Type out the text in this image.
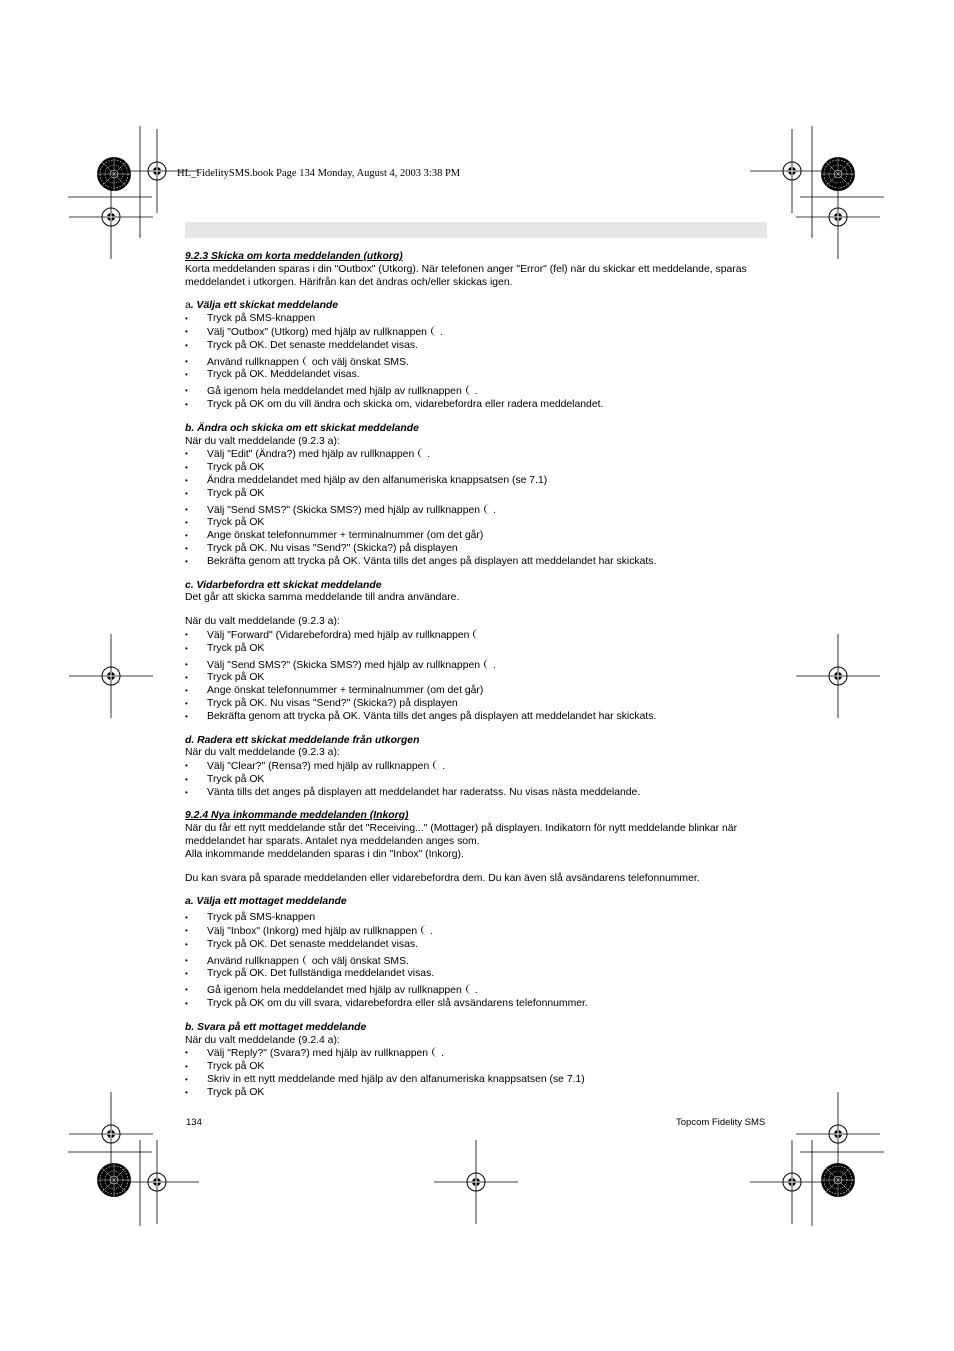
HL_FidelitySMS.book Page 134 Monday, August 4, 2003 3:38 PM

9.2.3 Skicka om korta meddelanden (utkorg)

Korta meddelanden sparas i din "Outbox" (Utkorg). När telefonen anger "Error" (fel) när du skickar ett meddelande, sparas meddelandet i utkorgen. Härifrån kan det ändras och/eller skickas igen.

a. Välja ett skickat meddelande

• Tryck på SMS-knappen

• Välj "Outbox" (Utkorg) med hjälp av rullknappen .

• Tryck på OK. Det senaste meddelandet visas.

• Använd rullknappen och välj önskat SMS.

• Tryck på OK. Meddelandet visas.

• Gå igenom hela meddelandet med hjälp av rullknappen .

• Tryck på OK om du vill ändra och skicka om, vidarebefordra eller radera meddelandet.

b. Ändra och skicka om ett skickat meddelande

När du valt meddelande (9.2.3 a):

• Välj "Edit" (Ändra?) med hjälp av rullknappen .

• Tryck på OK

• Ändra meddelandet med hjälp av den alfanumeriska knappsatsen (se 7.1)

• Tryck på OK

• Välj "Send SMS?" (Skicka SMS?) med hjälp av rullknappen .

• Tryck på OK

• Ange önskat telefonnummer + terminalnummer (om det går)

• Tryck på OK. Nu visas "Send?" (Skicka?) på displayen

• Bekräfta genom att trycka på OK. Vänta tills det anges på displayen att meddelandet har skickats.

c. Vidarbefordra ett skickat meddelande

Det går att skicka samma meddelande till andra användare.

När du valt meddelande (9.2.3 a):

• Välj "Forward" (Vidarebefordra) med hjälp av rullknappen

• Tryck på OK

• Välj "Send SMS?" (Skicka SMS?) med hjälp av rullknappen .

• Tryck på OK

• Ange önskat telefonnummer + terminalnummer (om det går)

• Tryck på OK. Nu visas "Send?" (Skicka?) på displayen

• Bekräfta genom att trycka på OK. Vänta tills det anges på displayen att meddelandet har skickats.

d. Radera ett skickat meddelande från utkorgen

När du valt meddelande (9.2.3 a):

• Välj "Clear?" (Rensa?) med hjälp av rullknappen .

• Tryck på OK

• Vänta tills det anges på displayen att meddelandet har raderatss. Nu visas nästa meddelande.

9.2.4 Nya inkommande meddelanden (Inkorg)

När du får ett nytt meddelande står det "Receiving..." (Mottager) på displayen. Indikatorn för nytt meddelande blinkar när meddelandet har sparats. Antalet nya meddelanden anges som.

Alla inkommande meddelanden sparas i din "Inbox" (Inkorg).

Du kan svara på sparade meddelanden eller vidarebefordra dem. Du kan även slå avsändarens telefonnummer.

a. Välja ett mottaget meddelande

• Tryck på SMS-knappen

• Välj "Inbox" (Inkorg) med hjälp av rullknappen .

• Tryck på OK. Det senaste meddelandet visas.

• Använd rullknappen och välj önskat SMS.

• Tryck på OK. Det fullständiga meddelandet visas.

• Gå igenom hela meddelandet med hjälp av rullknappen .

• Tryck på OK om du vill svara, vidarebefordra eller slå avsändarens telefonnummer.

b. Svara på ett mottaget meddelande

När du valt meddelande (9.2.4 a):

• Välj "Reply?" (Svara?) med hjälp av rullknappen .

• Tryck på OK

• Skriv in ett nytt meddelande med hjälp av den alfanumeriska knappsatsen (se 7.1)

• Tryck på OK

134	Topcom Fidelity SMS
